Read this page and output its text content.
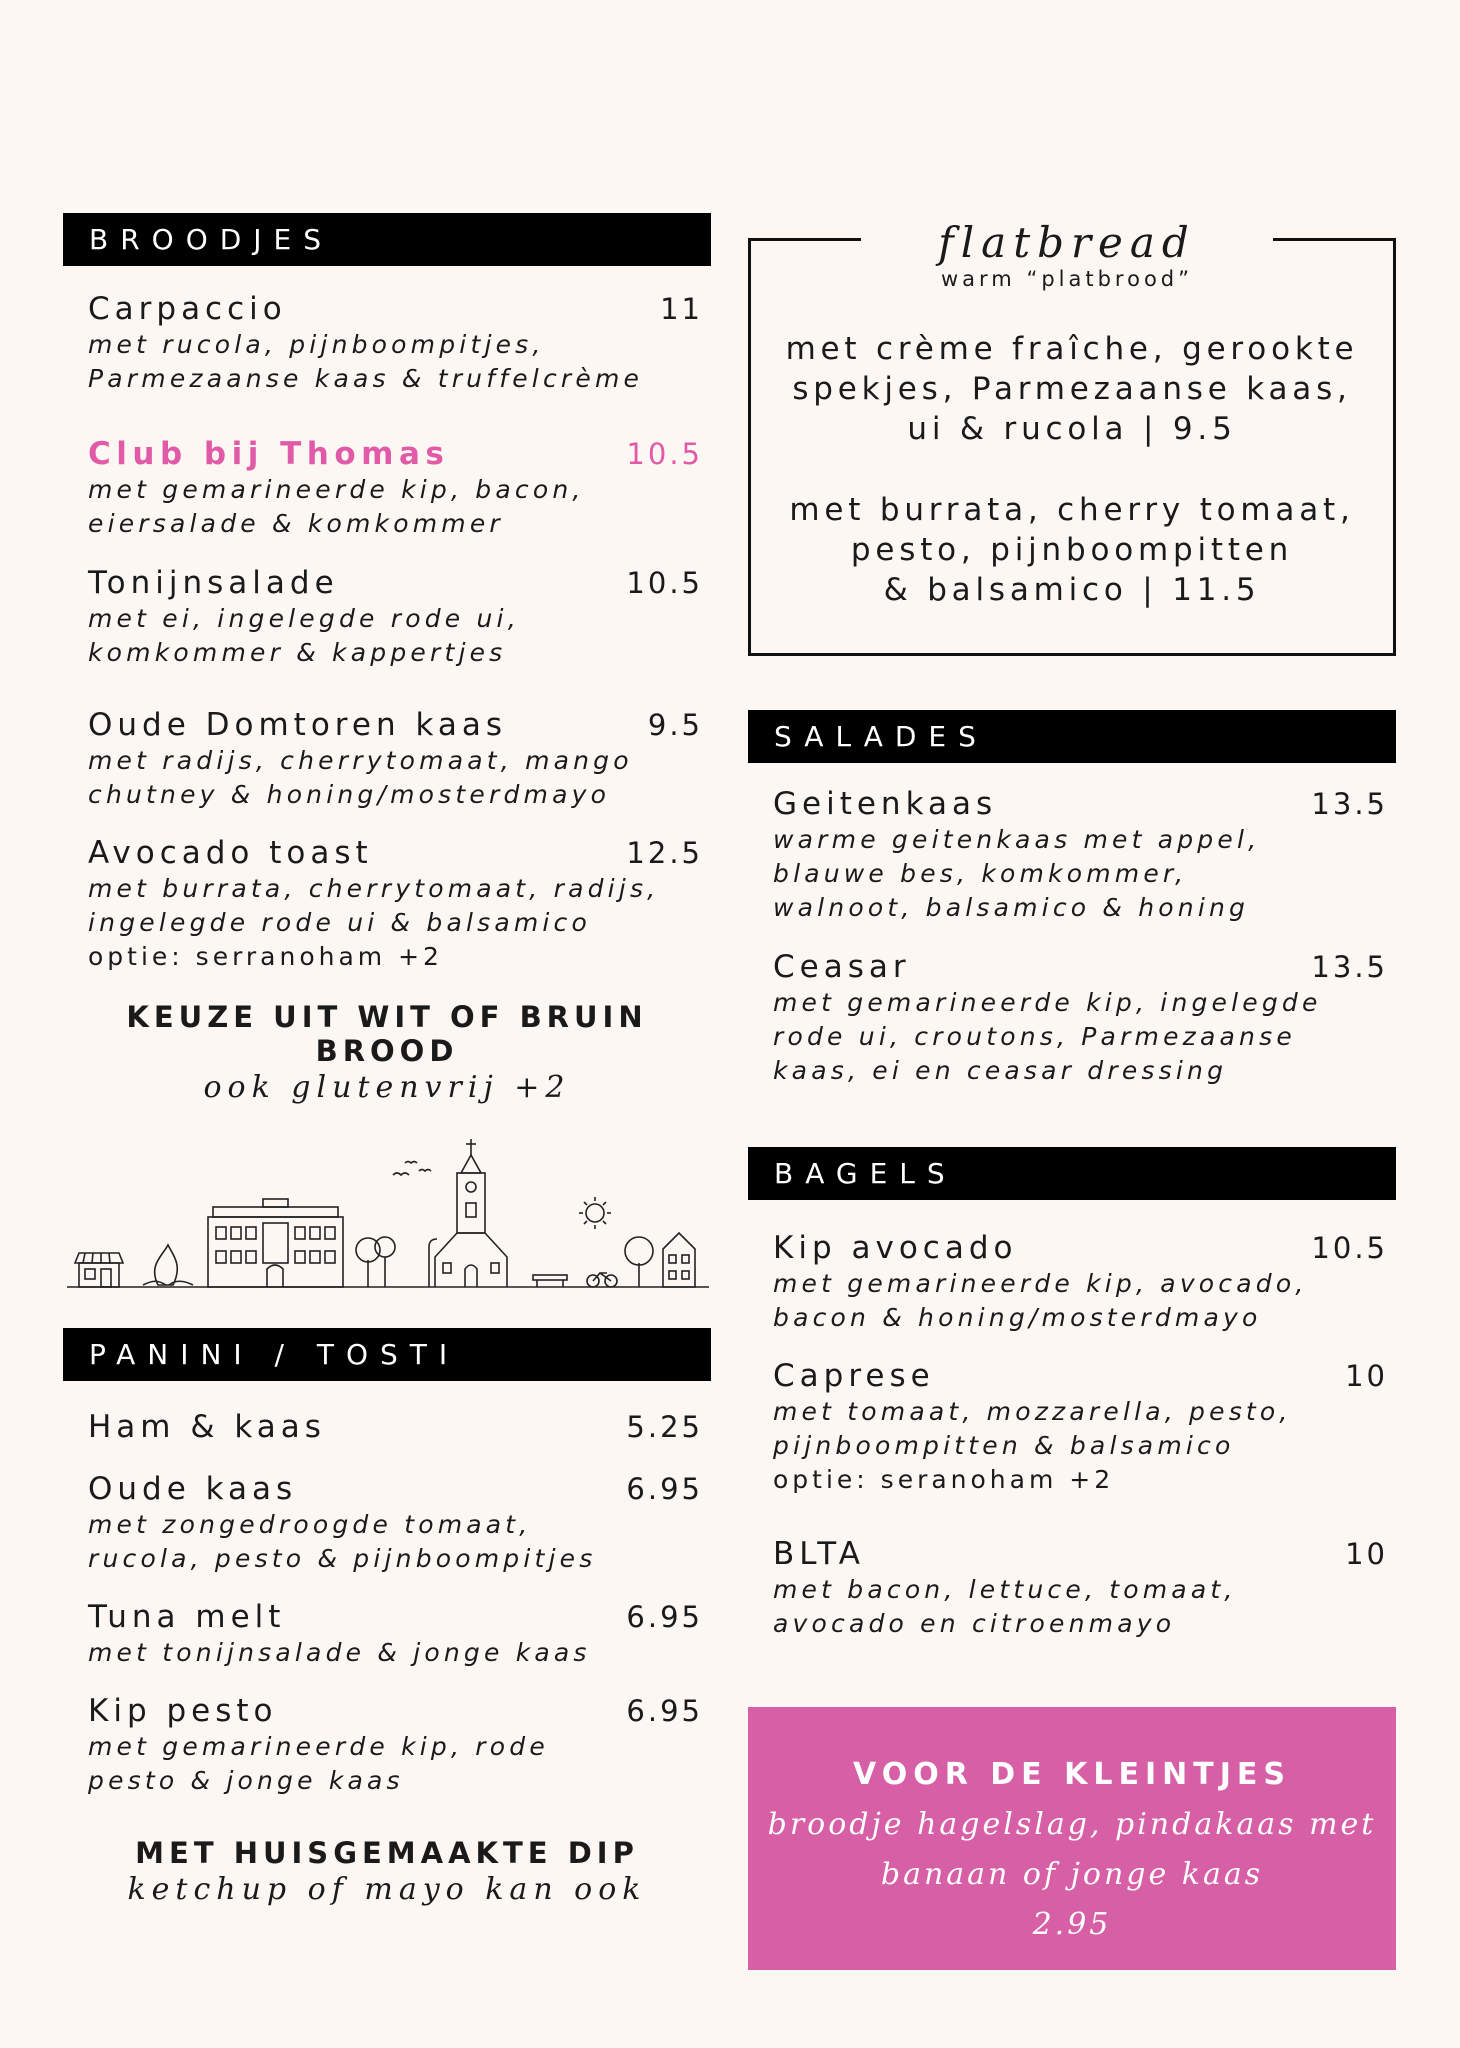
BROODJES
Carpaccio	11
met rucola, pijnboompitjes,
Parmezaanse kaas & truffelcrème
Club bij Thomas	10.5
met gemarineerde kip, bacon,
eiersalade & komkommer
Tonijnsalade	10.5
met ei, ingelegde rode ui,
komkommer & kappertjes
Oude Domtoren kaas	9.5
met radijs, cherrytomaat, mango
chutney & honing/mosterdmayo
Avocado toast	12.5
met burrata, cherrytomaat, radijs,
ingelegde rode ui & balsamico
optie: serranoham +2
KEUZE UIT WIT OF BRUIN BROOD
ook glutenvrij +2
PANINI / TOSTI
Ham & kaas	5.25
Oude kaas	6.95
met zongedroogde tomaat,
rucola, pesto & pijnboompitjes
Tuna melt	6.95
met tonijnsalade & jonge kaas
Kip pesto	6.95
met gemarineerde kip, rode
pesto & jonge kaas
MET HUISGEMAAKTE DIP
ketchup of mayo kan ook
flatbread
warm “platbrood”
met crème fraîche, gerookte
spekjes, Parmezaanse kaas,
ui & rucola | 9.5
met burrata, cherry tomaat,
pesto, pijnboompitten
& balsamico | 11.5
SALADES
Geitenkaas	13.5
warme geitenkaas met appel,
blauwe bes, komkommer,
walnoot, balsamico & honing
Ceasar	13.5
met gemarineerde kip, ingelegde
rode ui, croutons, Parmezaanse
kaas, ei en ceasar dressing
BAGELS
Kip avocado	10.5
met gemarineerde kip, avocado,
bacon & honing/mosterdmayo
Caprese	10
met tomaat, mozzarella, pesto,
pijnboompitten & balsamico
optie: seranoham +2
BLTA	10
met bacon, lettuce, tomaat,
avocado en citroenmayo
VOOR DE KLEINTJES
broodje hagelslag, pindakaas met
banaan of jonge kaas
2.95
